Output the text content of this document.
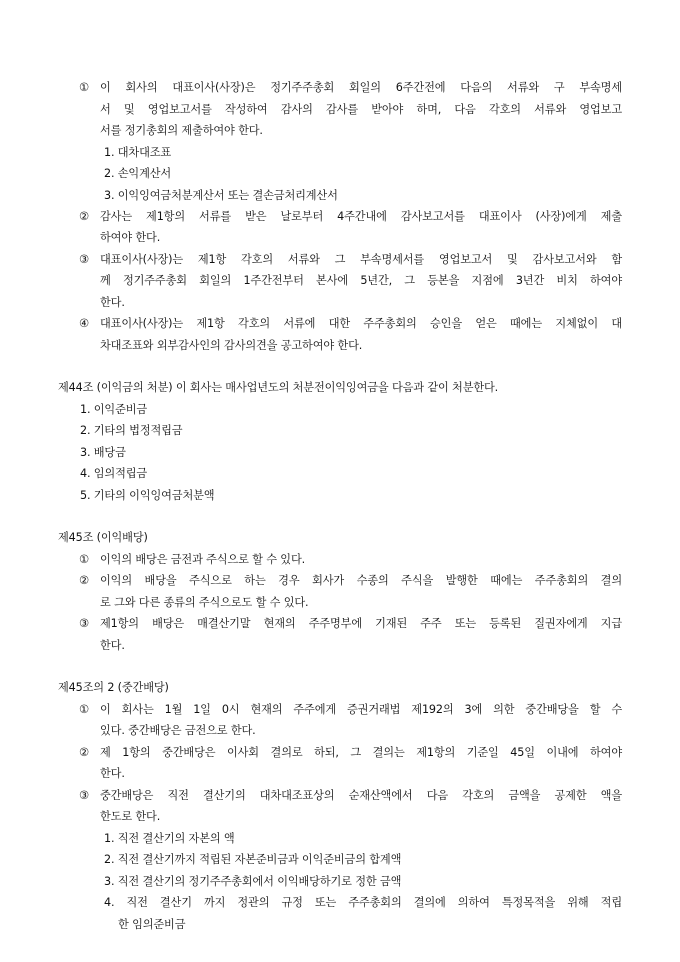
① 이 회사의 대표이사(사장)은 정기주주총회 회일의 6주간전에 다음의 서류와 구 부속명세
서 및 영업보고서를 작성하여 감사의 감사를 받아야 하며, 다음 각호의 서류와 영업보고
서를 정기총회의 제출하여야 한다.
1. 대차대조표
2. 손익계산서
3. 이익잉여금처분계산서 또는 결손금처리계산서
② 감사는 제1항의 서류를 받은 날로부터 4주간내에 감사보고서를 대표이사 (사장)에게 제출
하여야 한다.
③ 대표이사(사장)는 제1항 각호의 서류와 그 부속명세서를 영업보고서 및 감사보고서와 함
께 정기주주총회 회일의 1주간전부터 본사에 5년간, 그 등본을 지점에 3년간 비치 하여야
한다.
④ 대표이사(사장)는 제1항 각호의 서류에 대한 주주총회의 승인을 얻은 때에는 지체없이 대
차대조표와 외부감사인의 감사의견을 공고하여야 한다.
제44조 (이익금의 처분) 이 회사는 매사업년도의 처분전이익잉여금을 다음과 같이 처분한다.
1. 이익준비금
2. 기타의 법정적립금
3. 배당금
4. 임의적립금
5. 기타의 이익잉여금처분액
제45조 (이익배당)
① 이익의 배당은 금전과 주식으로 할 수 있다.
② 이익의 배당을 주식으로 하는 경우 회사가 수종의 주식을 발행한 때에는 주주총회의 결의
로 그와 다른 종류의 주식으로도 할 수 있다.
③ 제1항의 배당은 매결산기말 현재의 주주명부에 기재된 주주 또는 등록된 질권자에게 지급
한다.
제45조의 2 (중간배당)
① 이 회사는 1월 1일 0시 현재의 주주에게 증권거래법 제192의 3에 의한 중간배당을 할 수
있다. 중간배당은 금전으로 한다.
② 제 1항의 중간배당은 이사회 결의로 하되, 그 결의는 제1항의 기준일 45일 이내에 하여야
한다.
③ 중간배당은 직전 결산기의 대차대조표상의 순재산액에서 다음 각호의 금액을 공제한 액을
한도로 한다.
1. 직전 결산기의 자본의 액
2. 직전 결산기까지 적립된 자본준비금과 이익준비금의 합계액
3. 직전 결산기의 정기주주총회에서 이익배당하기로 정한 금액
4. 직전 결산기 까지 정관의 규정 또는 주주총회의 결의에 의하여 특정목적을 위해 적립
한 임의준비금
